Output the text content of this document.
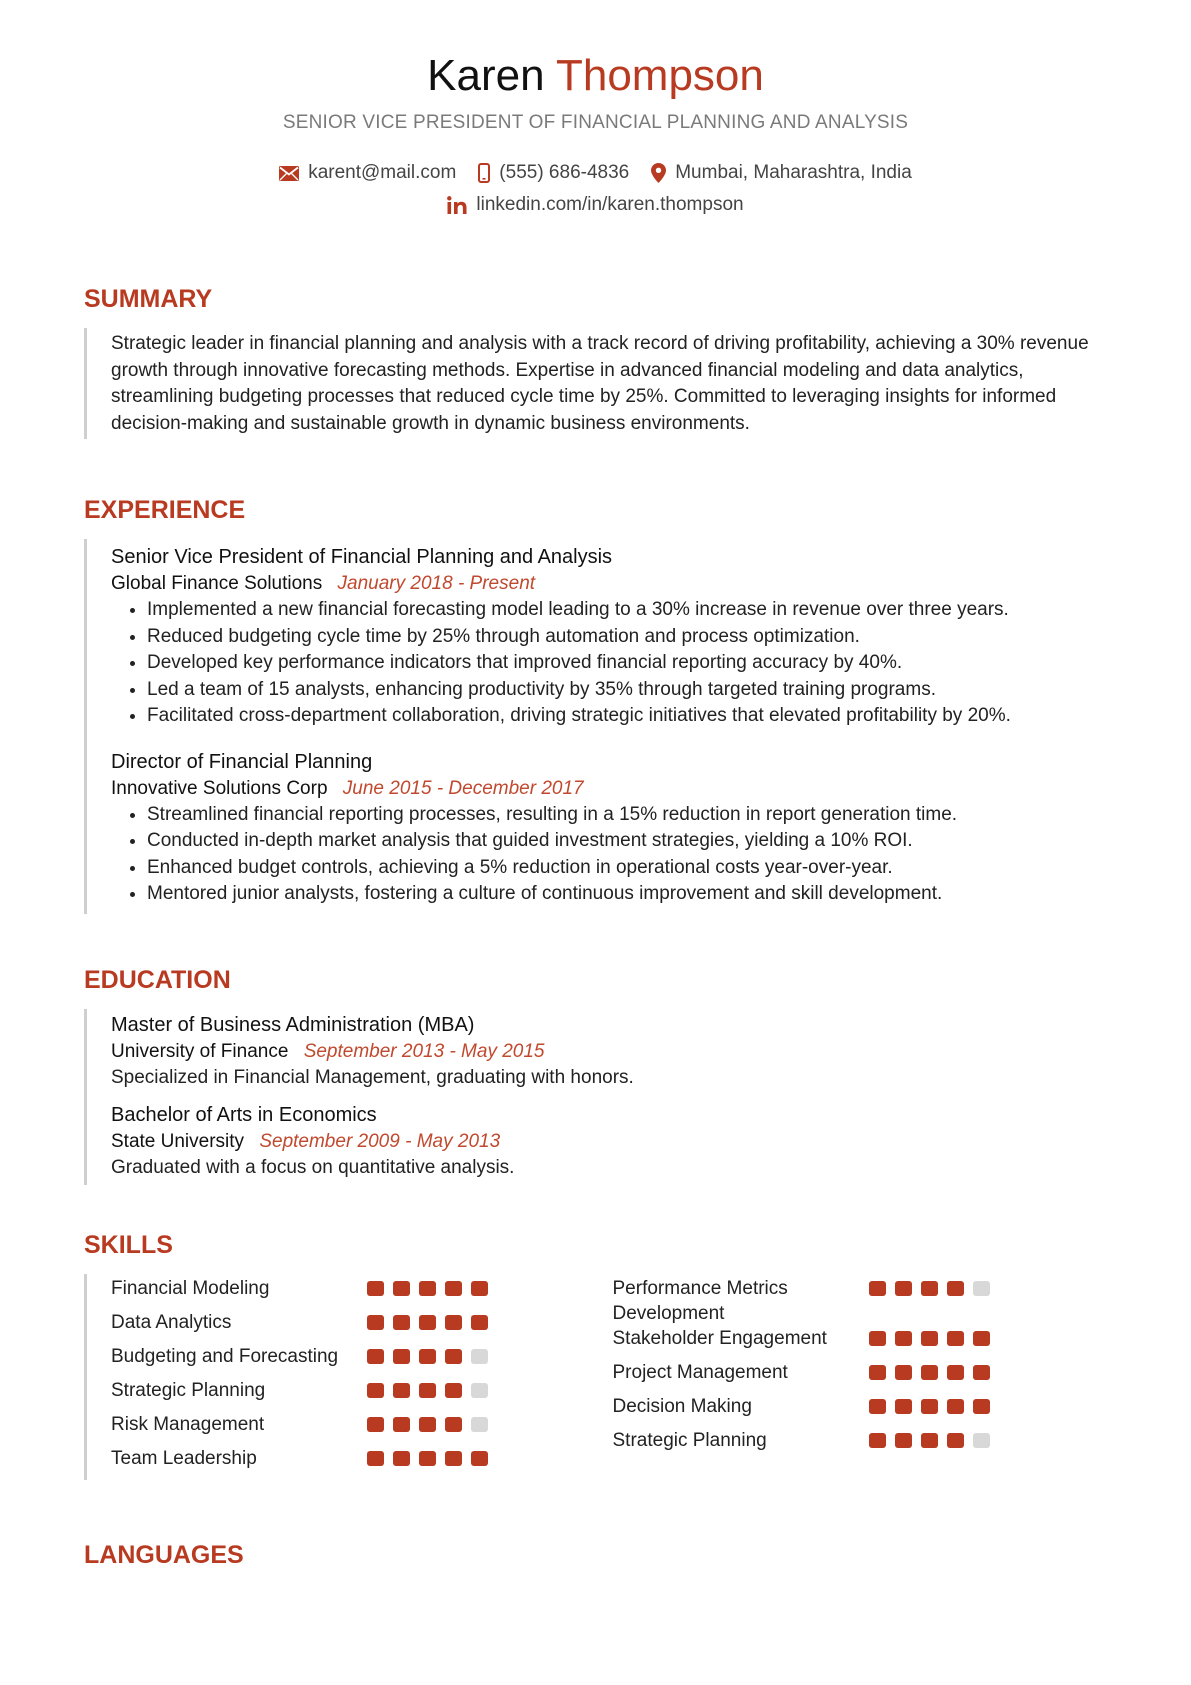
Karen Thompson
SENIOR VICE PRESIDENT OF FINANCIAL PLANNING AND ANALYSIS
karent@mail.com (555) 686-4836 Mumbai, Maharashtra, India
linkedin.com/in/karen.thompson
SUMMARY

Strategic leader in financial planning and analysis with a track record of driving profitability, achieving a 30% revenue growth through innovative forecasting methods. Expertise in advanced financial modeling and data analytics, streamlining budgeting processes that reduced cycle time by 25%. Committed to leveraging insights for informed decision-making and sustainable growth in dynamic business environments.

EXPERIENCE
Senior Vice President of Financial Planning and Analysis
Global Finance Solutions January 2018 - Present
• Implemented a new financial forecasting model leading to a 30% increase in revenue over three years.
• Reduced budgeting cycle time by 25% through automation and process optimization.
• Developed key performance indicators that improved financial reporting accuracy by 40%.
• Led a team of 15 analysts, enhancing productivity by 35% through targeted training programs.
• Facilitated cross-department collaboration, driving strategic initiatives that elevated profitability by 20%.
Director of Financial Planning
Innovative Solutions Corp June 2015 - December 2017
• Streamlined financial reporting processes, resulting in a 15% reduction in report generation time.
• Conducted in-depth market analysis that guided investment strategies, yielding a 10% ROI.
• Enhanced budget controls, achieving a 5% reduction in operational costs year-over-year.
• Mentored junior analysts, fostering a culture of continuous improvement and skill development.
EDUCATION
Master of Business Administration (MBA)
University of Finance September 2013 - May 2015

Specialized in Financial Management, graduating with honors.

Bachelor of Arts in Economics
State University September 2009 - May 2013

Graduated with a focus on quantitative analysis.

SKILLS
Financial Modeling
Data Analytics
Budgeting and Forecasting
Strategic Planning
Risk Management
Team Leadership
Performance Metrics Development
Stakeholder Engagement
Project Management
Decision Making
Strategic Planning
LANGUAGES
